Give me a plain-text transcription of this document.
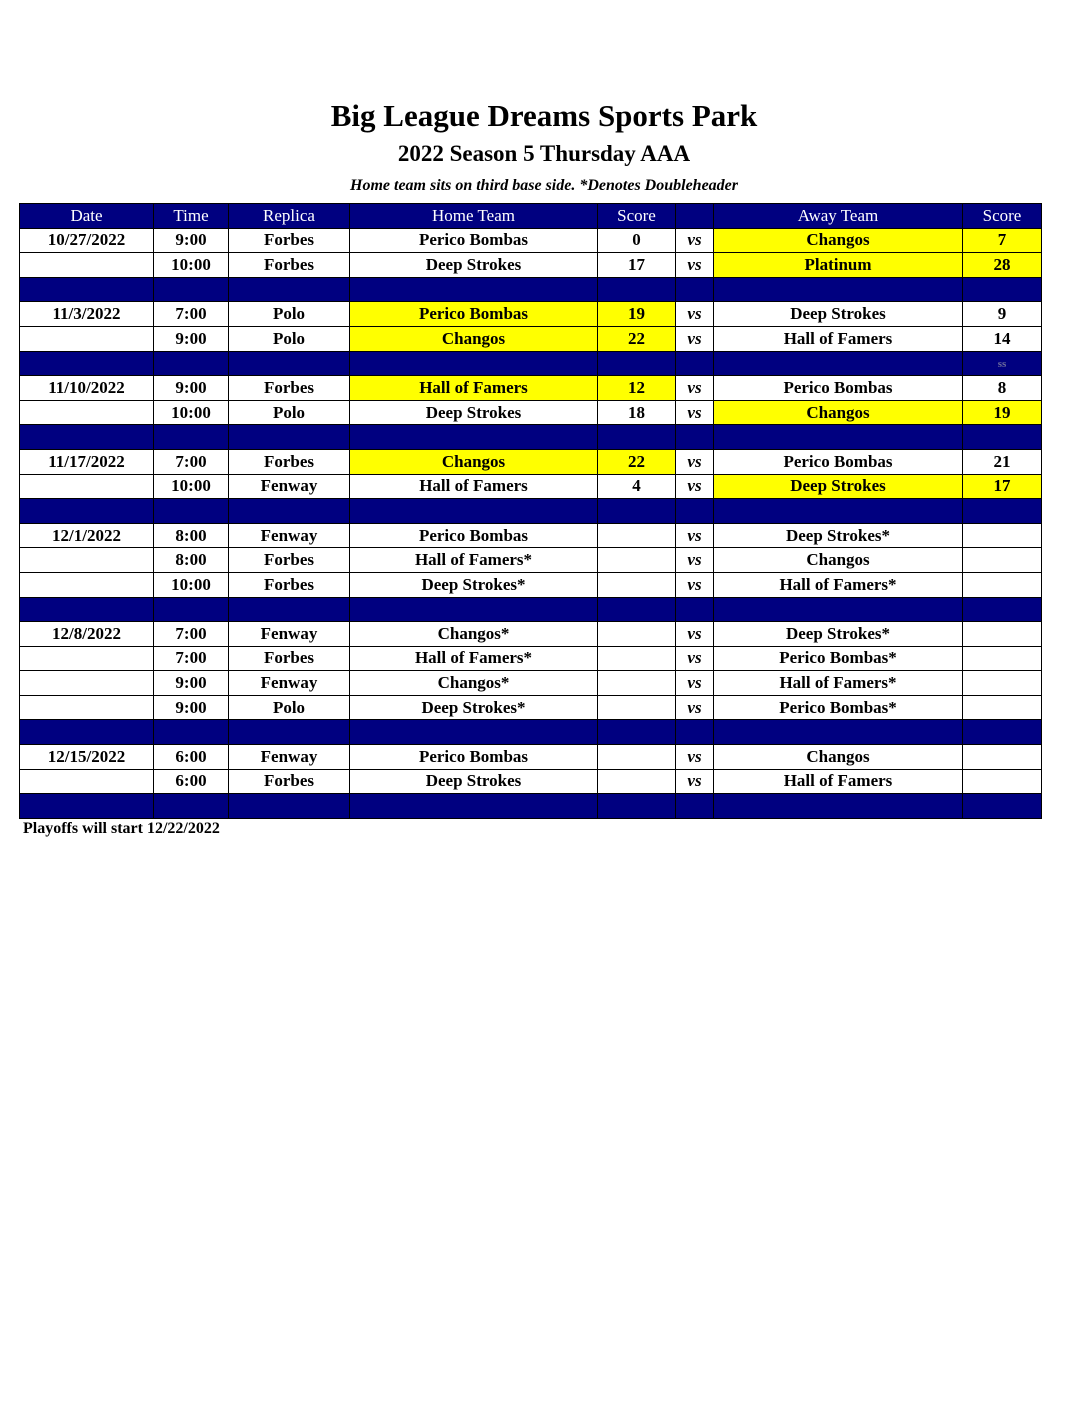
Big League Dreams Sports Park
2022 Season 5 Thursday AAA
Home team sits on third base side. *Denotes Doubleheader
Date	Time	Replica	Home Team	Score		Away Team	Score
10/27/2022	9:00	Forbes	Perico Bombas	0	vs	Changos	7
	10:00	Forbes	Deep Strokes	17	vs	Platinum	28

11/3/2022	7:00	Polo	Perico Bombas	19	vs	Deep Strokes	9
	9:00	Polo	Changos	22	vs	Hall of Famers	14
							ss
11/10/2022	9:00	Forbes	Hall of Famers	12	vs	Perico Bombas	8
	10:00	Polo	Deep Strokes	18	vs	Changos	19

11/17/2022	7:00	Forbes	Changos	22	vs	Perico Bombas	21
	10:00	Fenway	Hall of Famers	4	vs	Deep Strokes	17

12/1/2022	8:00	Fenway	Perico Bombas		vs	Deep Strokes*	
	8:00	Forbes	Hall of Famers*		vs	Changos	
	10:00	Forbes	Deep Strokes*		vs	Hall of Famers*	

12/8/2022	7:00	Fenway	Changos*		vs	Deep Strokes*	
	7:00	Forbes	Hall of Famers*		vs	Perico Bombas*	
	9:00	Fenway	Changos*		vs	Hall of Famers*	
	9:00	Polo	Deep Strokes*		vs	Perico Bombas*	

12/15/2022	6:00	Fenway	Perico Bombas		vs	Changos	
	6:00	Forbes	Deep Strokes		vs	Hall of Famers	

Playoffs will start 12/22/2022
